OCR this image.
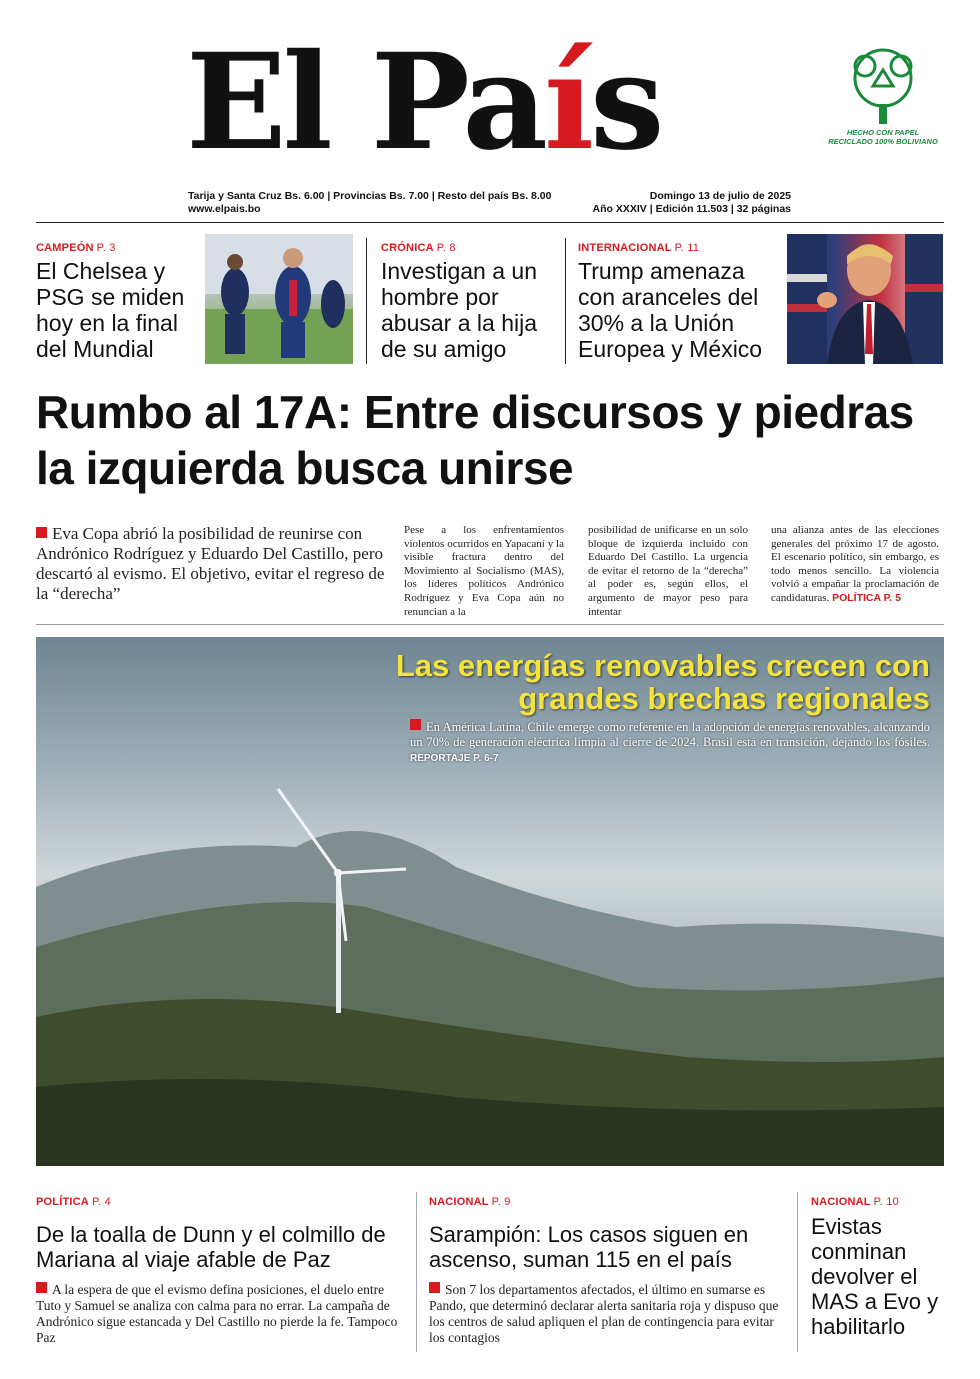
El País	HECHO CON PAPEL RECICLADO 100% BOLIVIANO
Tarija y Santa Cruz Bs. 6.00 | Provincias Bs. 7.00 | Resto del país Bs. 8.00
www.elpais.bo
Domingo 13 de julio de 2025
Año XXXIV | Edición 11.503 | 32 páginas
CAMPEÓN P. 3
El Chelsea y PSG se miden hoy en la final del Mundial
CRÓNICA P. 8
Investigan a un hombre por abusar a la hija de su amigo
INTERNACIONAL P. 11
Trump amenaza con aranceles del 30% a la Unión Europea y México
Rumbo al 17A: Entre discursos y piedras la izquierda busca unirse
Eva Copa abrió la posibilidad de reunirse con Andrónico Rodríguez y Eduardo Del Castillo, pero descartó al evismo. El objetivo, evitar el regreso de la “derecha”
Pese a los enfrentamientos violentos ocurridos en Yapacaní y la visible fractura dentro del Movimiento al Socialismo (MAS), los líderes políticos Andrónico Rodríguez y Eva Copa aún no renuncian a la
posibilidad de unificarse en un solo bloque de izquierda incluido con Eduardo Del Castillo. La urgencia de evitar el retorno de la “derecha” al poder es, según ellos, el argumento de mayor peso para intentar
una alianza antes de las elecciones generales del próximo 17 de agosto. El escenario político, sin embargo, es todo menos sencillo. La violencia volvió a empañar la proclamación de candidaturas. POLÍTICA P. 5
Las energías renovables crecen con grandes brechas regionales
En América Latina, Chile emerge como referente en la adopción de energías renovables, alcanzando un 70% de generación eléctrica limpia al cierre de 2024. Brasil está en transición, dejando los fósiles. REPORTAJE P. 6-7
POLÍTICA P. 4
De la toalla de Dunn y el colmillo de Mariana al viaje afable de Paz
A la espera de que el evismo defina posiciones, el duelo entre Tuto y Samuel se analiza con calma para no errar. La campaña de Andrónico sigue estancada y Del Castillo no pierde la fe. Tampoco Paz
NACIONAL P. 9
Sarampión: Los casos siguen en ascenso, suman 115 en el país
Son 7 los departamentos afectados, el último en sumarse es Pando, que determinó declarar alerta sanitaria roja y dispuso que los centros de salud apliquen el plan de contingencia para evitar los contagios
NACIONAL P. 10
Evistas conminan devolver el MAS a Evo y habilitarlo
